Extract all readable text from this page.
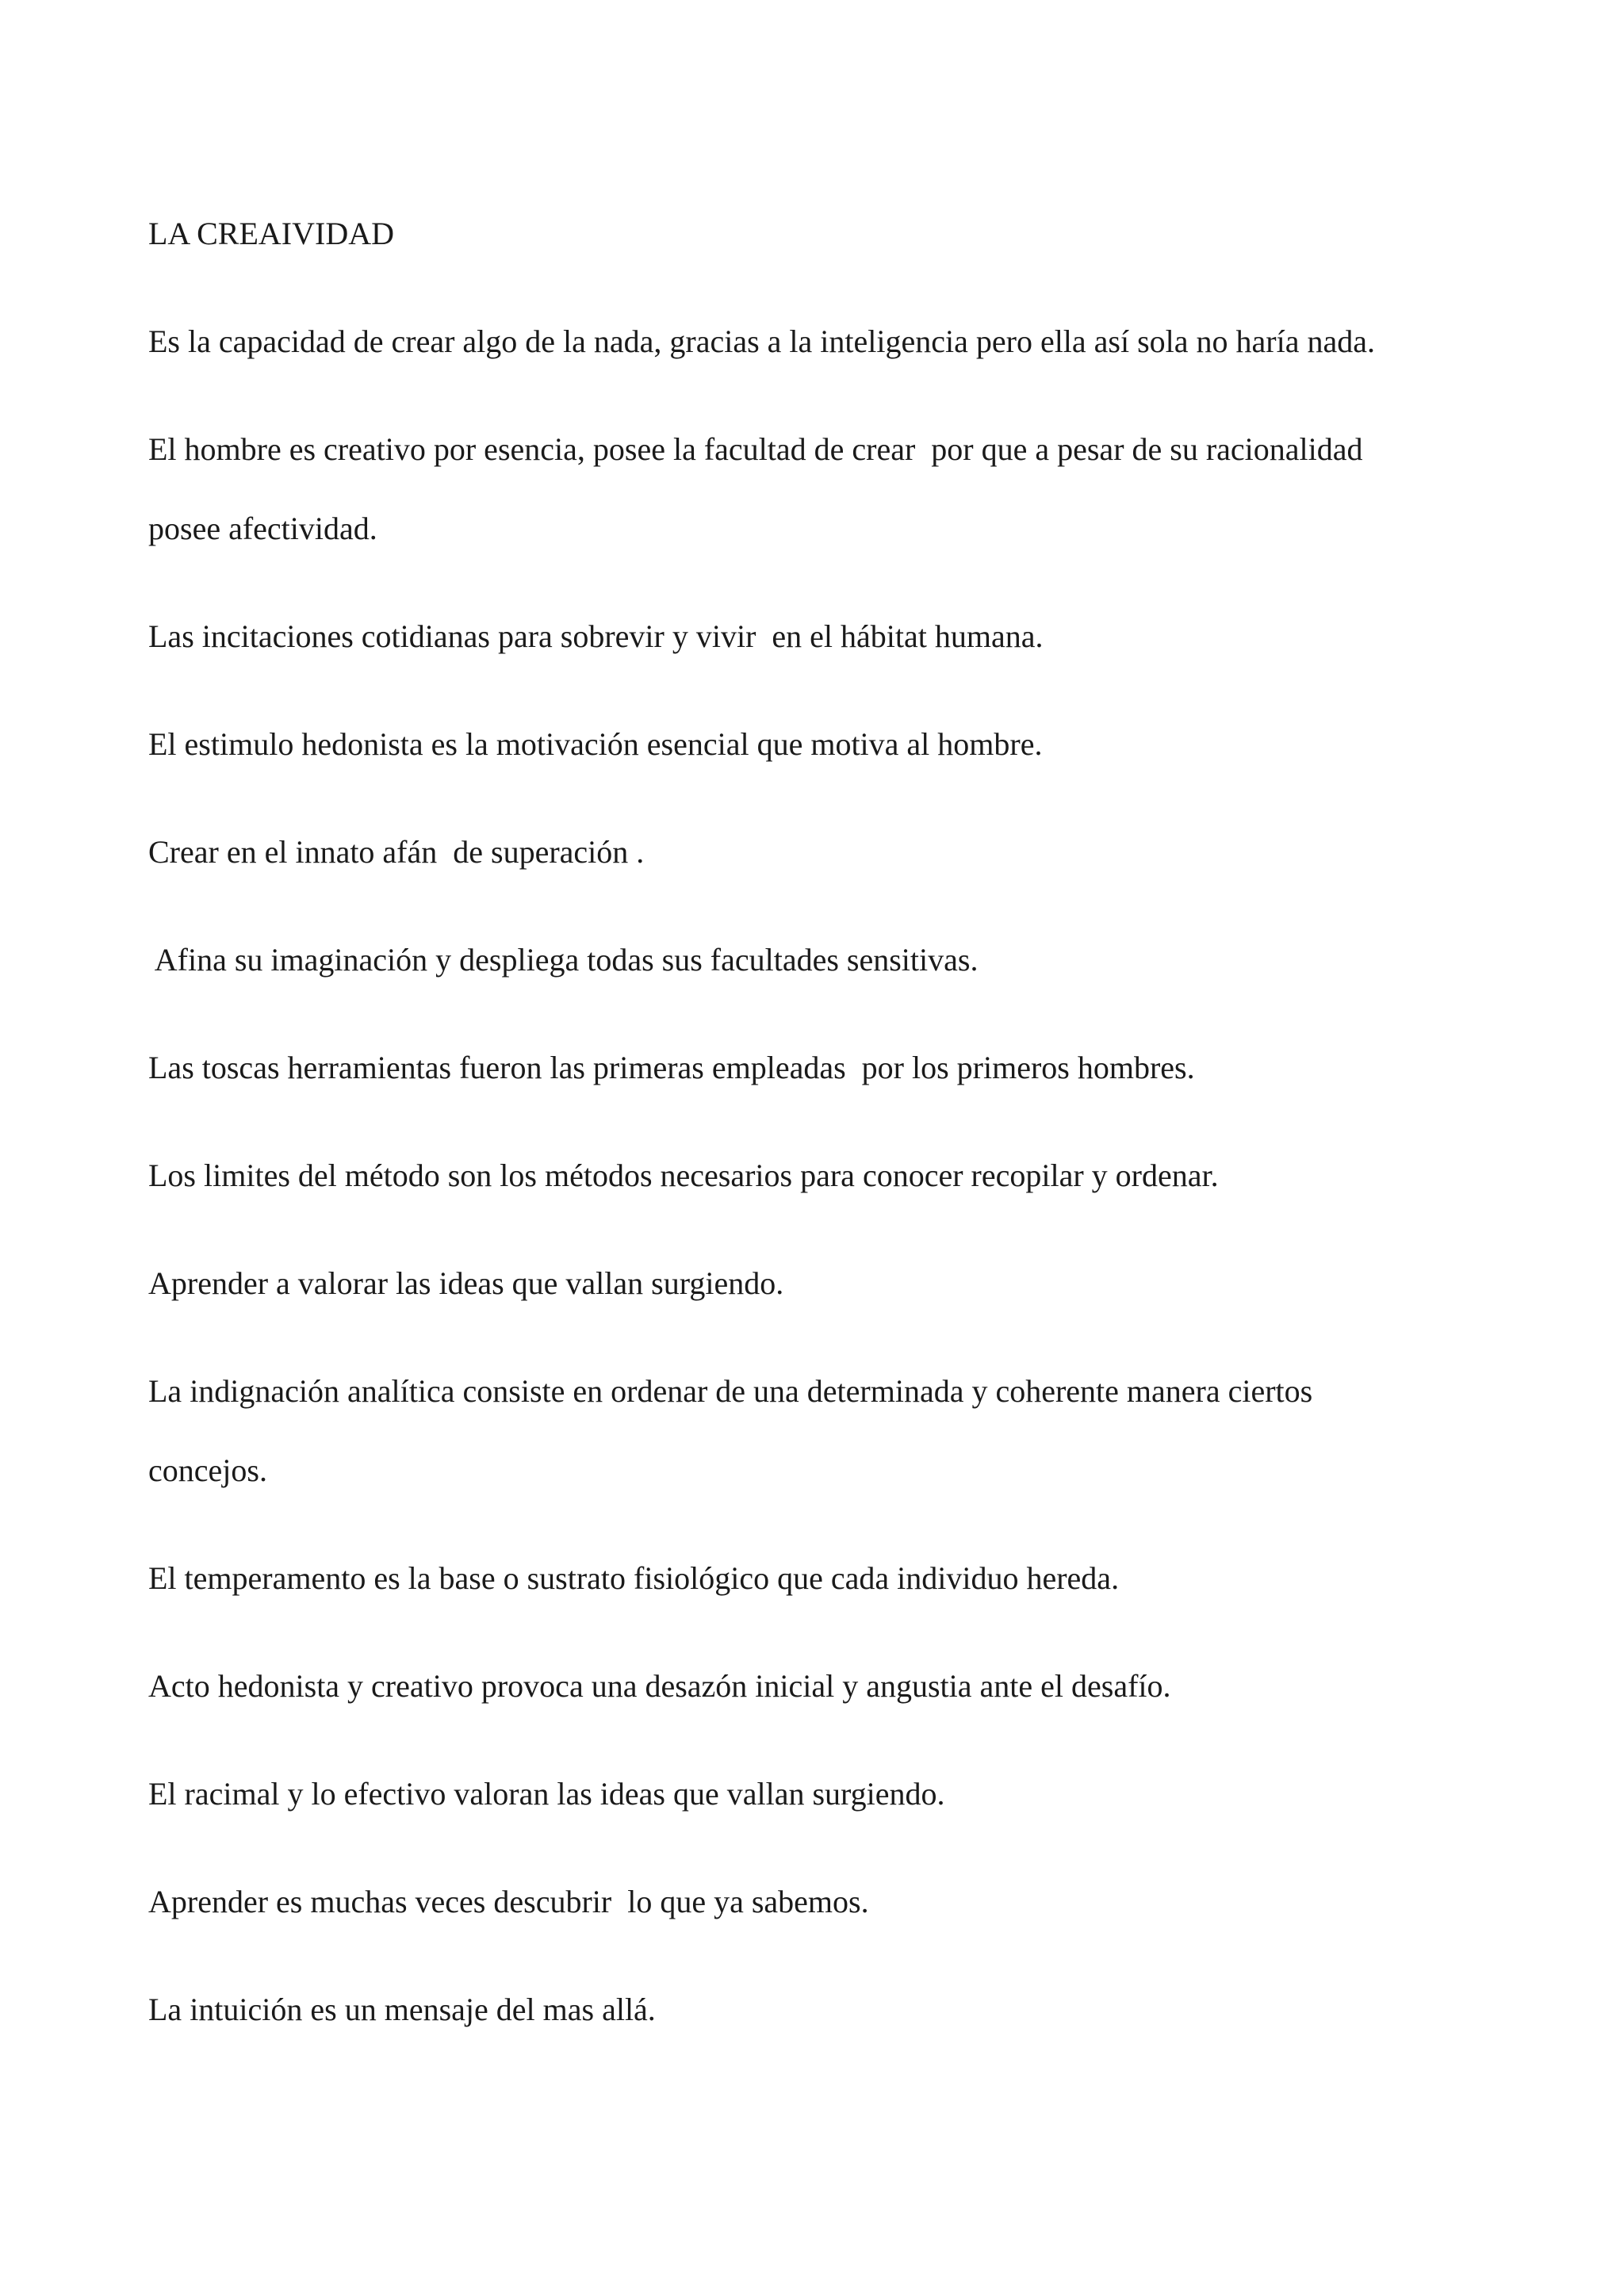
LA CREAIVIDAD

Es la capacidad de crear algo de la nada, gracias a la inteligencia pero ella así sola no haría nada.

El hombre es creativo por esencia, posee la facultad de crear  por que a pesar de su racionalidad

posee afectividad.

Las incitaciones cotidianas para sobrevir y vivir  en el hábitat humana.

El estimulo hedonista es la motivación esencial que motiva al hombre.

Crear en el innato afán  de superación .

Afina su imaginación y despliega todas sus facultades sensitivas.

Las toscas herramientas fueron las primeras empleadas  por los primeros hombres.

Los limites del método son los métodos necesarios para conocer recopilar y ordenar.

Aprender a valorar las ideas que vallan surgiendo.

La indignación analítica consiste en ordenar de una determinada y coherente manera ciertos

concejos.

El temperamento es la base o sustrato fisiológico que cada individuo hereda.

Acto hedonista y creativo provoca una desazón inicial y angustia ante el desafío.

El racimal y lo efectivo valoran las ideas que vallan surgiendo.

Aprender es muchas veces descubrir  lo que ya sabemos.

La intuición es un mensaje del mas allá.
